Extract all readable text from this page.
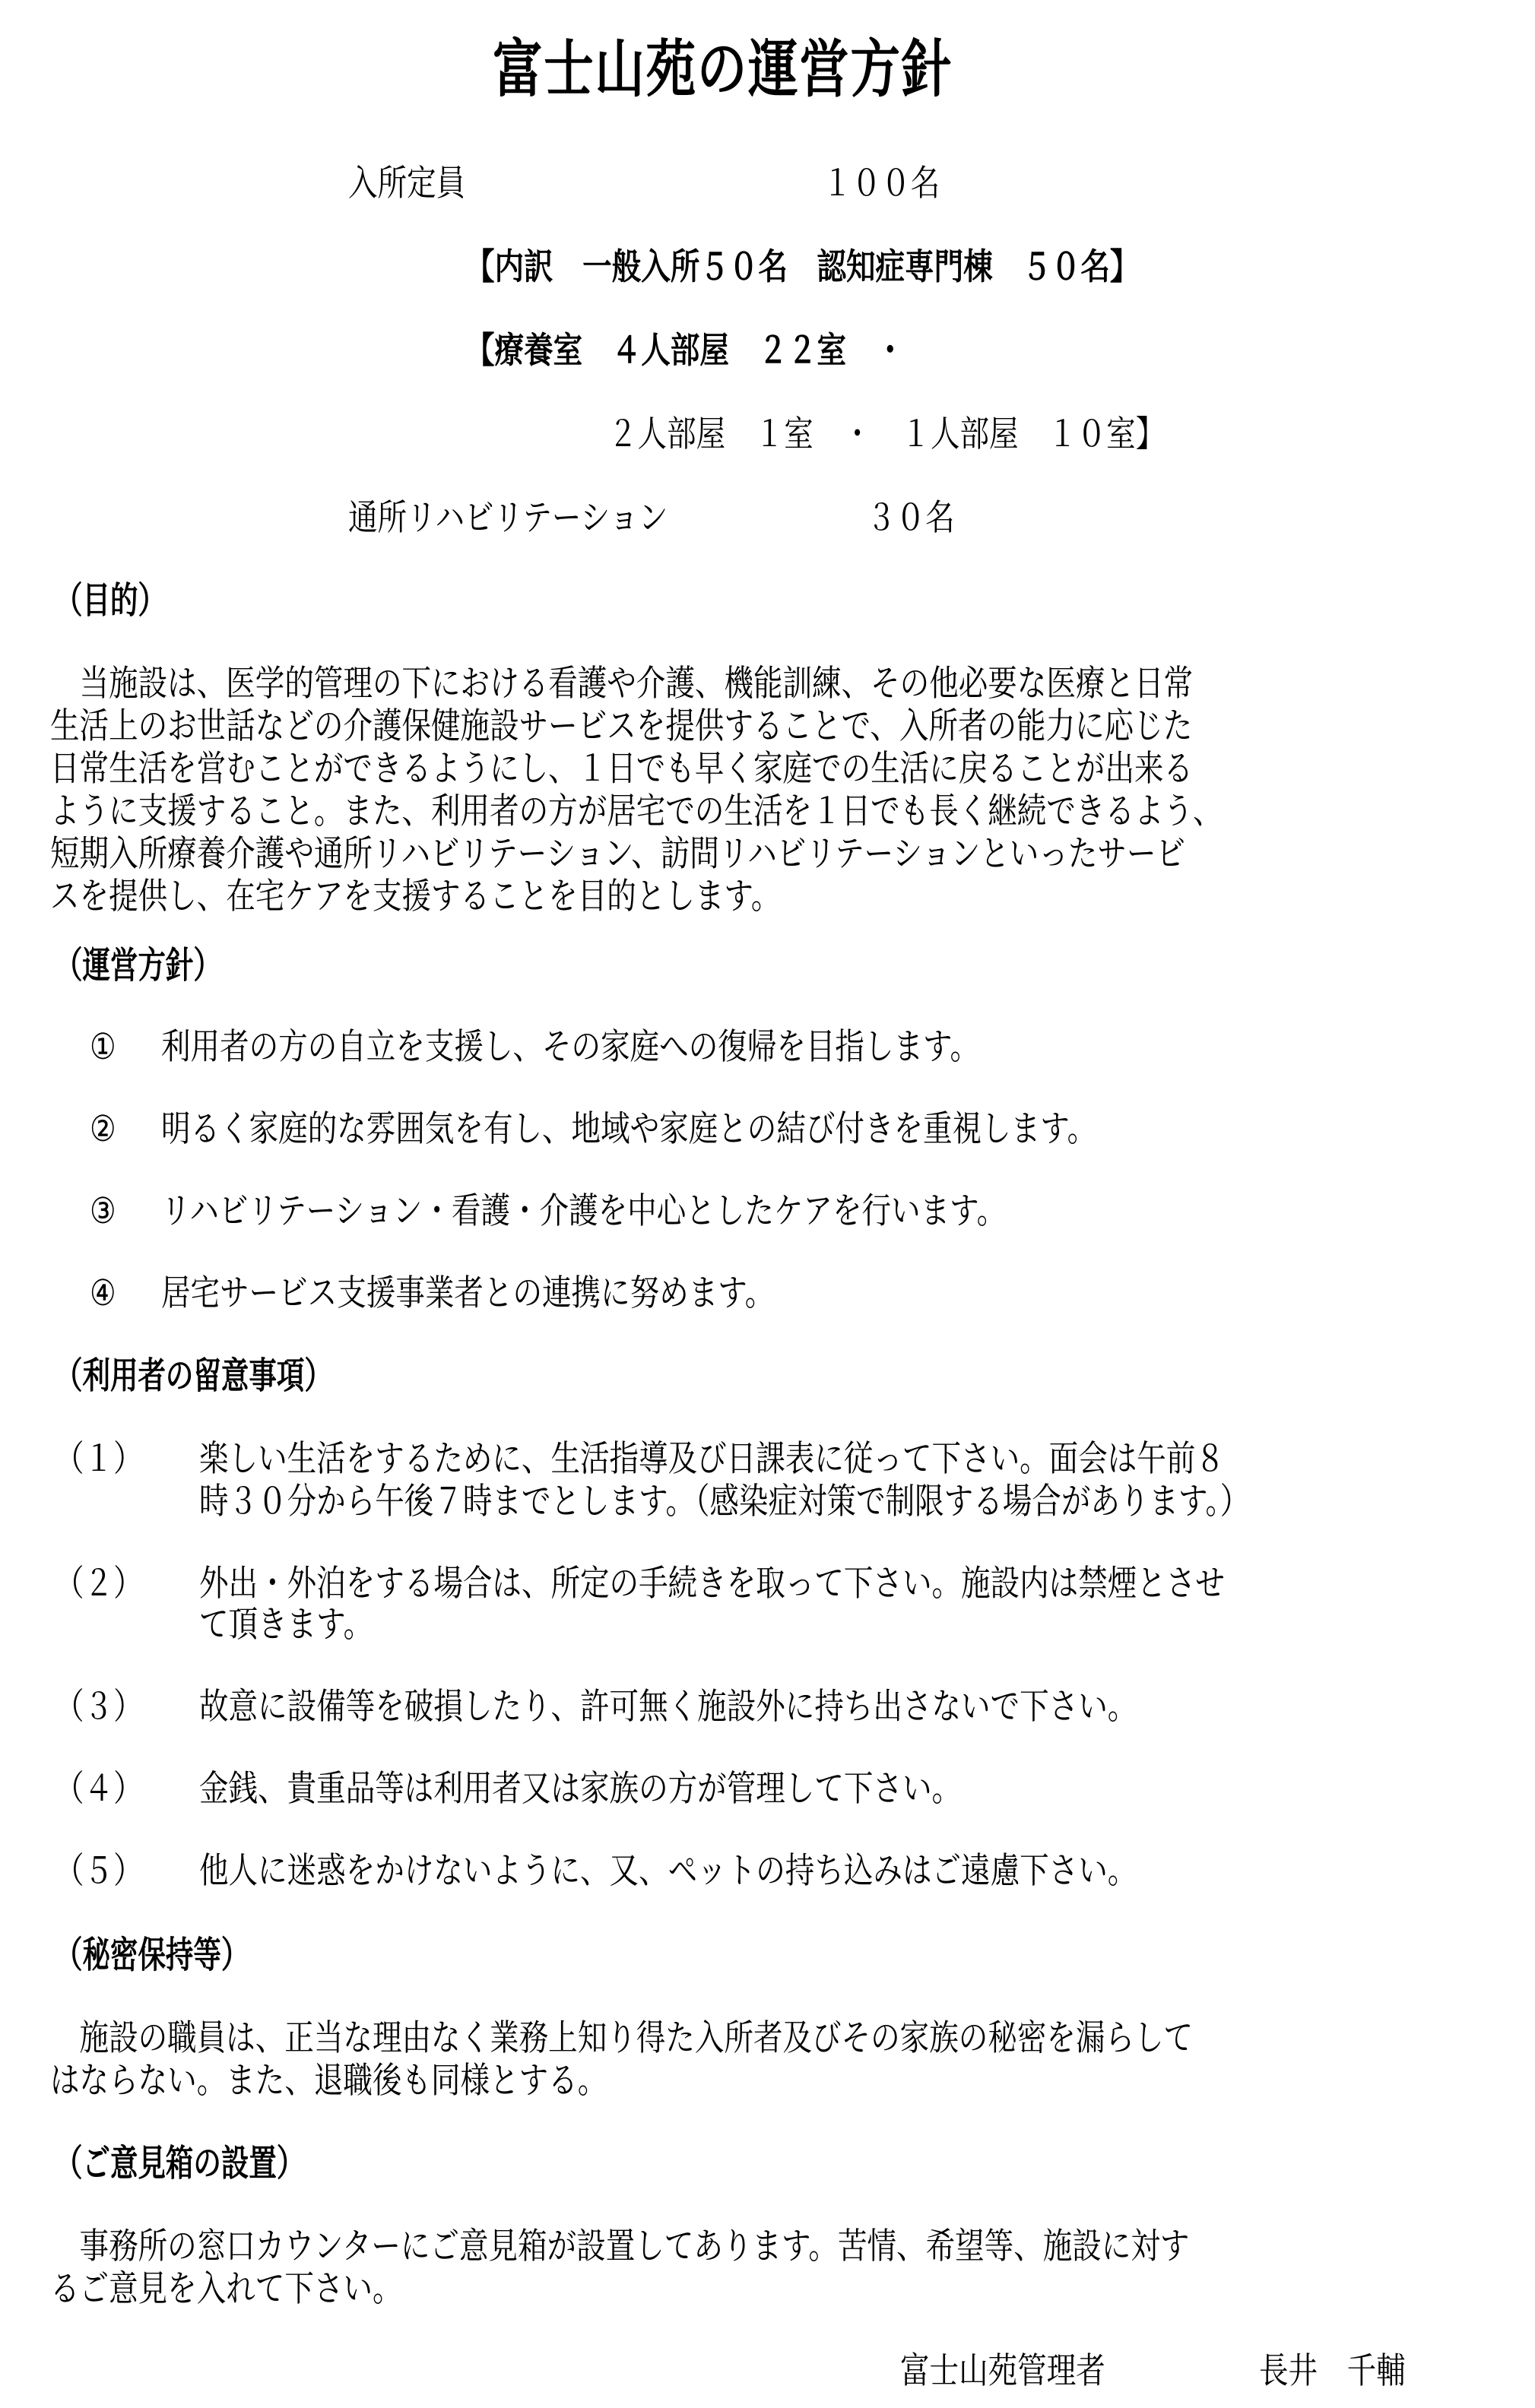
富士山苑の運営方針
入所定員	１００名
【内訳　一般入所５０名　認知症専門棟　５０名】
【療養室　４人部屋　２２室　・
２人部屋　１室　・　１人部屋　１０室】
通所リハビリテーション	３０名
（目的）
　当施設は、医学的管理の下における看護や介護、機能訓練、その他必要な医療と日常
生活上のお世話などの介護保健施設サービスを提供することで、入所者の能力に応じた
日常生活を営むことができるようにし、１日でも早く家庭での生活に戻ることが出来る
ように支援すること。また、利用者の方が居宅での生活を１日でも長く継続できるよう、
短期入所療養介護や通所リハビリテーション、訪問リハビリテーションといったサービ
スを提供し、在宅ケアを支援することを目的とします。
（運営方針）
① 利用者の方の自立を支援し、その家庭への復帰を目指します。
② 明るく家庭的な雰囲気を有し、地域や家庭との結び付きを重視します。
③ リハビリテーション・看護・介護を中心としたケアを行います。
④ 居宅サービス支援事業者との連携に努めます。
（利用者の留意事項）
（１） 楽しい生活をするために、生活指導及び日課表に従って下さい。面会は午前８
時３０分から午後７時までとします。（感染症対策で制限する場合があります。）
（２） 外出・外泊をする場合は、所定の手続きを取って下さい。施設内は禁煙とさせ
て頂きます。
（３） 故意に設備等を破損したり、許可無く施設外に持ち出さないで下さい。
（４） 金銭、貴重品等は利用者又は家族の方が管理して下さい。
（５） 他人に迷惑をかけないように、又、ペットの持ち込みはご遠慮下さい。
（秘密保持等）
　施設の職員は、正当な理由なく業務上知り得た入所者及びその家族の秘密を漏らして
はならない。また、退職後も同様とする。
（ご意見箱の設置）
　事務所の窓口カウンターにご意見箱が設置してあります。苦情、希望等、施設に対す
るご意見を入れて下さい。
富士山苑管理者	長井　千輔
